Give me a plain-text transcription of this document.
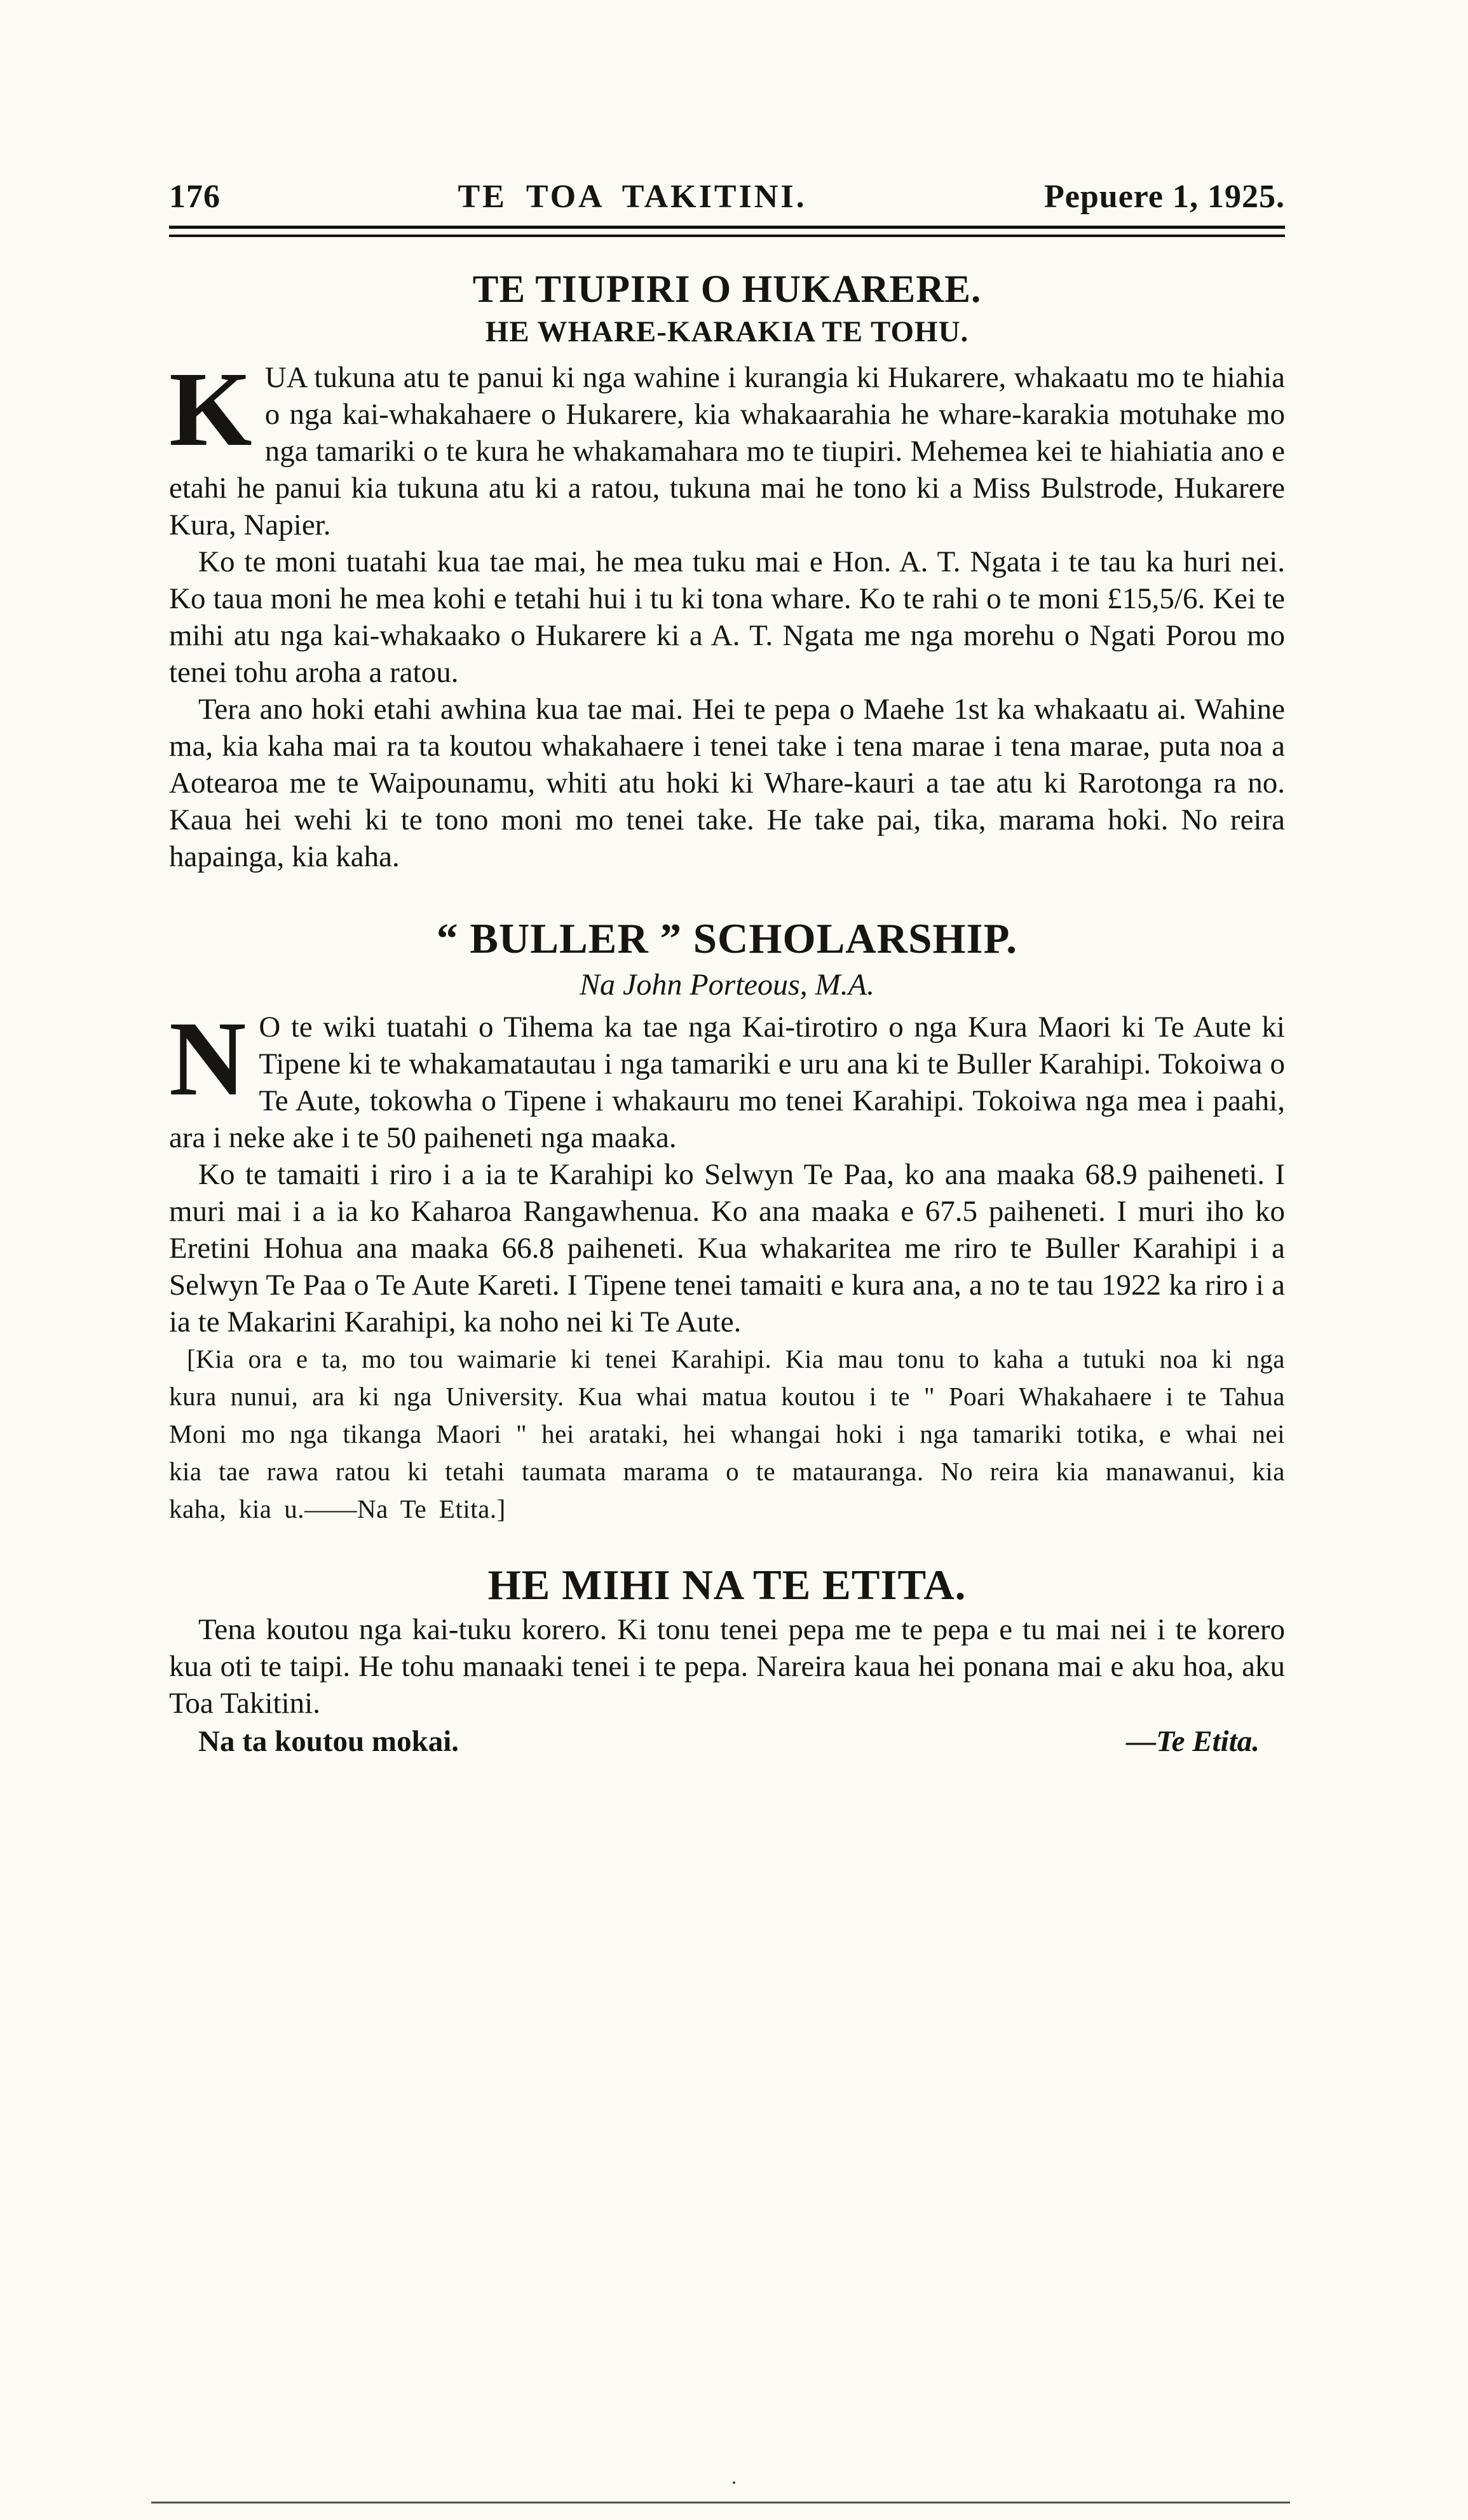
176	TE TOA TAKITINI.	Pepuere 1, 1925.
TE TIUPIRI O HUKARERE.
HE WHARE-KARAKIA TE TOHU.

KUA tukuna atu te panui ki nga wahine i kurangia ki Hukarere, whakaatu mo te hiahia o nga kai-whakahaere o Hukarere, kia whakaarahia he whare-karakia motuhake mo nga tamariki o te kura he whakamahara mo te tiupiri. Mehemea kei te hiahiatia ano e etahi he panui kia tukuna atu ki a ratou, tukuna mai he tono ki a Miss Bulstrode, Hukarere Kura, Napier.

Ko te moni tuatahi kua tae mai, he mea tuku mai e Hon. A. T. Ngata i te tau ka huri nei. Ko taua moni he mea kohi e tetahi hui i tu ki tona whare. Ko te rahi o te moni £15,5/6. Kei te mihi atu nga kai-whakaako o Hukarere ki a A. T. Ngata me nga morehu o Ngati Porou mo tenei tohu aroha a ratou.

Tera ano hoki etahi awhina kua tae mai. Hei te pepa o Maehe 1st ka whakaatu ai. Wahine ma, kia kaha mai ra ta koutou whakahaere i tenei take i tena marae i tena marae, puta noa a Aotearoa me te Waipounamu, whiti atu hoki ki Whare-kauri a tae atu ki Rarotonga ra no. Kaua hei wehi ki te tono moni mo tenei take. He take pai, tika, marama hoki. No reira hapainga, kia kaha.

“ BULLER ” SCHOLARSHIP.
Na John Porteous, M.A.

N O te wiki tuatahi o Tihema ka tae nga Kai-tirotiro o nga Kura Maori ki Te Aute ki Tipene ki te whakamatautau i nga tamariki e uru ana ki te Buller Karahipi. Tokoiwa o Te Aute, tokowha o Tipene i whakauru mo tenei Karahipi. Tokoiwa nga mea i paahi, ara i neke ake i te 50 paiheneti nga maaka.

Ko te tamaiti i riro i a ia te Karahipi ko Selwyn Te Paa, ko ana maaka 68.9 paiheneti. I muri mai i a ia ko Kaharoa Rangawhenua. Ko ana maaka e 67.5 paiheneti. I muri iho ko Eretini Hohua ana maaka 66.8 paiheneti. Kua whakaritea me riro te Buller Karahipi i a Selwyn Te Paa o Te Aute Kareti. I Tipene tenei tamaiti e kura ana, a no te tau 1922 ka riro i a ia te Makarini Karahipi, ka noho nei ki Te Aute.

[Kia ora e ta, mo tou waimarie ki tenei Karahipi. Kia mau tonu to kaha a tutuki noa ki nga kura nunui, ara ki nga University. Kua whai matua koutou i te " Poari Whakahaere i te Tahua Moni mo nga tikanga Maori " hei arataki, hei whangai hoki i nga tamariki totika, e whai nei kia tae rawa ratou ki tetahi taumata marama o te matauranga. No reira kia manawanui, kia kaha, kia u.——Na Te Etita.]

HE MIHI NA TE ETITA.

Tena koutou nga kai-tuku korero. Ki tonu tenei pepa me te pepa e tu mai nei i te korero kua oti te taipi. He tohu manaaki tenei i te pepa. Nareira kaua hei ponana mai e aku hoa, aku Toa Takitini.

Na ta koutou mokai.	—Te Etita.
.
